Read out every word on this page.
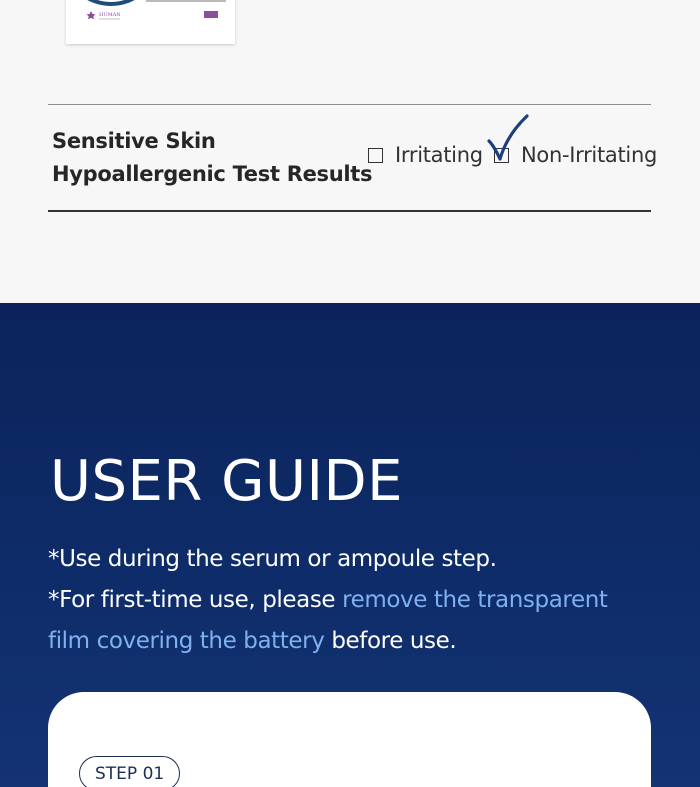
HUMAN
Sensitive Skin
Hypoallergenic Test Results
Irritating Non-Irritating
USER GUIDE
*Use during the serum or ampoule step.
*For first-time use, please remove the transparent
film covering the battery before use.
STEP 01
